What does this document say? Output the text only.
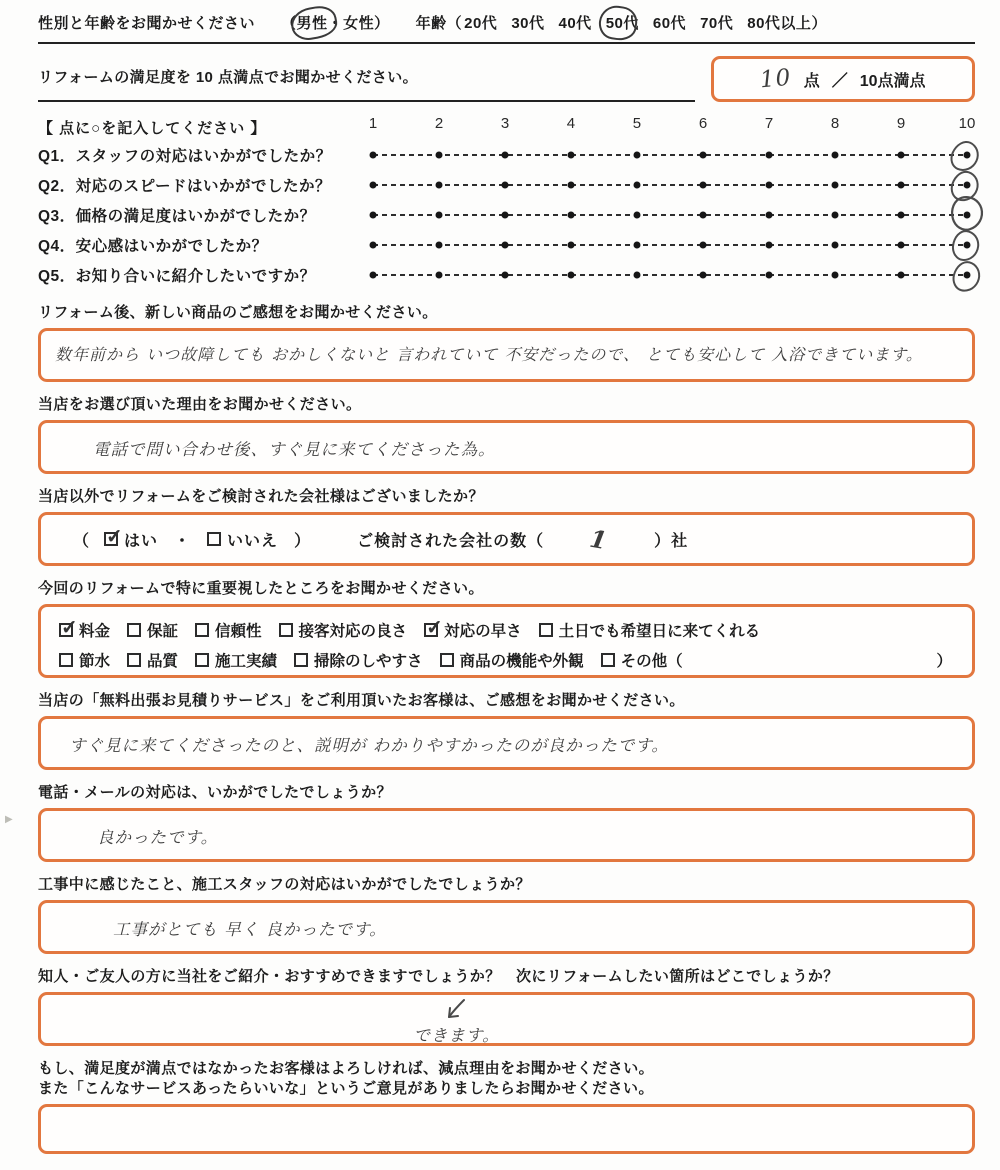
性別と年齢をお聞かせください （ 男性 ・ 女性 ） 年齢 （ 20代 30代 40代 50代 60代 70代 80代以上 ）
リフォームの満足度を 10 点満点でお聞かせください。	10 点 ／ 10点満点
【 点に○を記入してください 】	1	2	3	4	5	6	7	8	9	10
Q1．スタッフの対応はいかがでしたか？
Q2．対応のスピードはいかがでしたか？
Q3．価格の満足度はいかがでしたか？
Q4．安心感はいかがでしたか？
Q5．お知り合いに紹介したいですか？
リフォーム後、新しい商品のご感想をお聞かせください。
数年前から いつ故障しても おかしくないと 言われていて 不安だったので、 とても安心して 入浴できています。
当店をお選び頂いた理由をお聞かせください。
電話で問い合わせ後、すぐ見に来てくださった為。
当店以外でリフォームをご検討された会社様はございましたか？
（ ✓ はい ・ いいえ ）	ご検討された会社の数（	1	）社
今回のリフォームで特に重要視したところをお聞かせください。
✓
料金 保証 信頼性 接客対応の良さ ✓ 対応の早さ 土日でも希望日に来てくれる
節水 品質 施工実績 掃除のしやすさ 商品の機能や外観 その他（	）
当店の「無料出張お見積りサービス」をご利用頂いたお客様は、ご感想をお聞かせください。
すぐ見に来てくださったのと、説明が わかりやすかったのが良かったです。
電話・メールの対応は、いかがでしたでしょうか？
良かったです。
工事中に感じたこと、施工スタッフの対応はいかがでしたでしょうか？
工事がとても 早く 良かったです。
知人・ご友人の方に当社をご紹介・おすすめできますでしょうか？　次にリフォームしたい箇所はどこでしょうか？
できます。
もし、満足度が満点ではなかったお客様はよろしければ、減点理由をお聞かせください。
また「こんなサービスあったらいいな」というご意見がありましたらお聞かせください。
▶
